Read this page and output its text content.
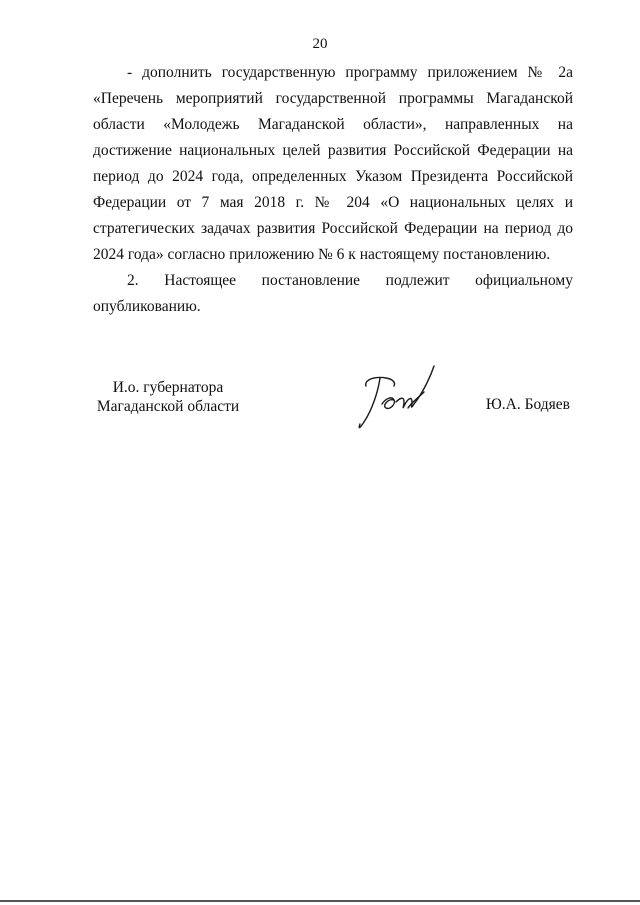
20

- дополнить государственную программу приложением № 2а «Перечень мероприятий государственной программы Магаданской области «Молодежь Магаданской области», направленных на достижение национальных целей развития Российской Федерации на период до 2024 года, определенных Указом Президента Российской Федерации от 7 мая 2018 г. № 204 «О национальных целях и стратегических задачах развития Российской Федерации на период до 2024 года» согласно приложению № 6 к настоящему постановлению.

2. Настоящее постановление подлежит официальному опубликованию.

И.о. губернатора
Магаданской области	Ю.А. Бодяев
